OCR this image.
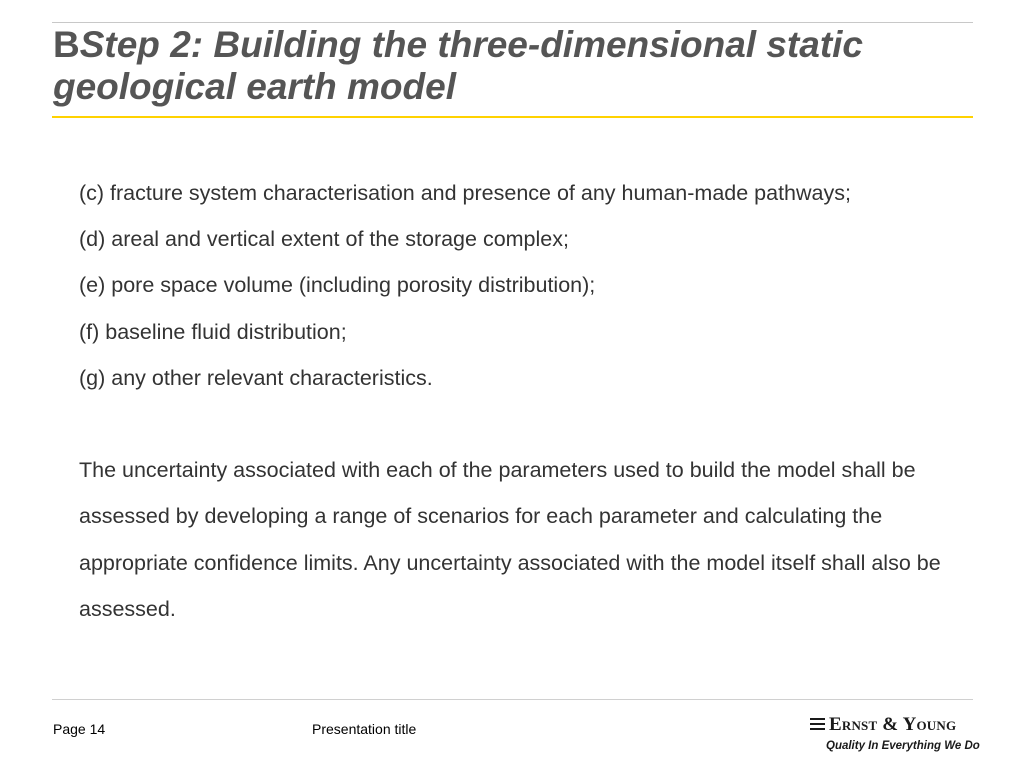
BStep 2: Building the three-dimensional static geological earth model

(c) fracture system characterisation and presence of any human-made pathways;

(d) areal and vertical extent of the storage complex;

(e) pore space volume (including porosity distribution);

(f) baseline fluid distribution;

(g) any other relevant characteristics.

The uncertainty associated with each of the parameters used to build the model shall be assessed by developing a range of scenarios for each parameter and calculating the appropriate confidence limits. Any uncertainty associated with the model itself shall also be assessed.

Page 14	Presentation title	Ernst & Young
Quality In Everything We Do
